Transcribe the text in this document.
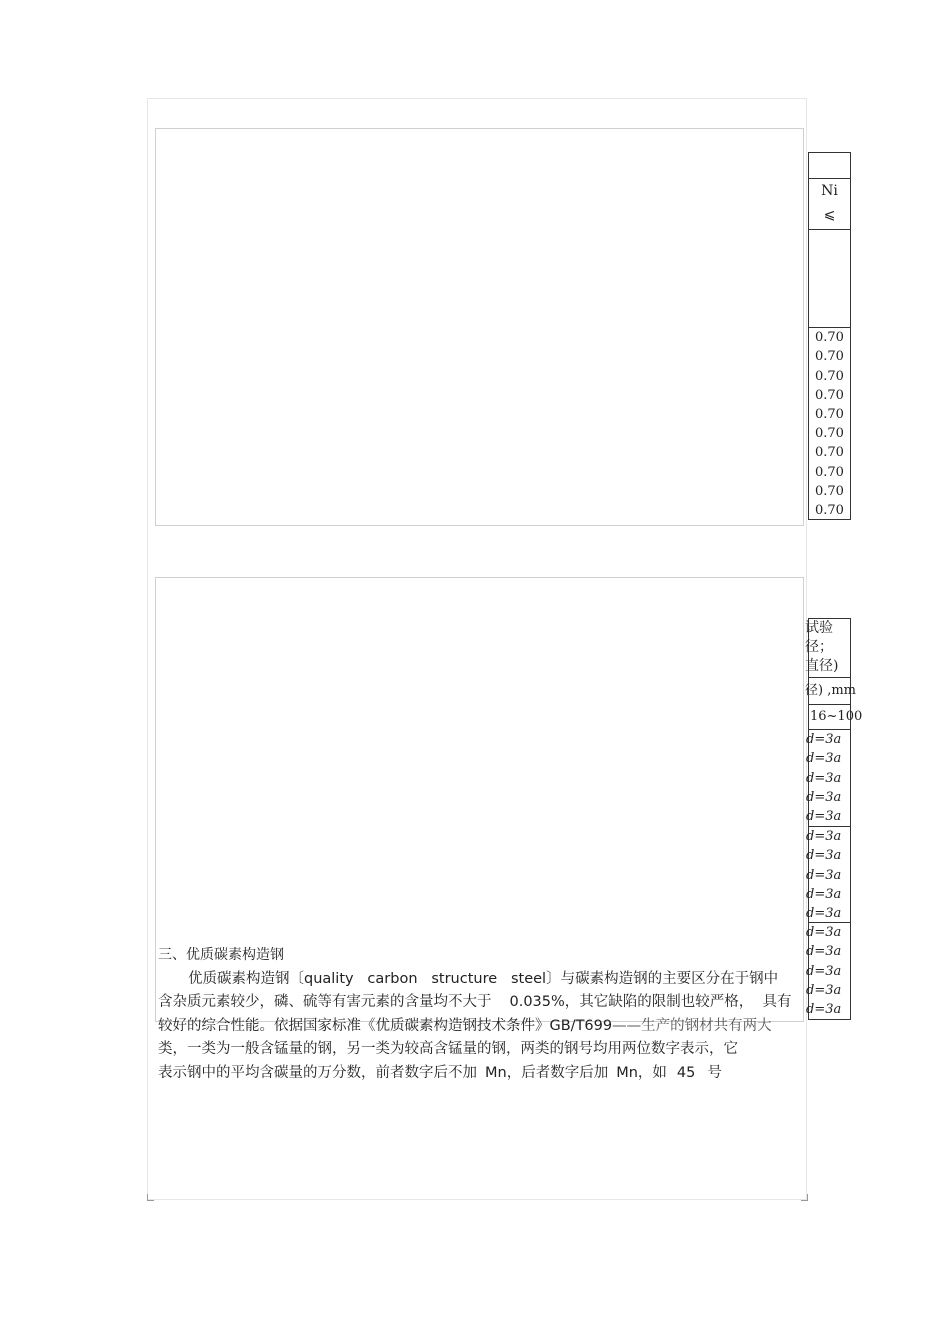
Ni
⩽
0.70
0.70
0.70
0.70
0.70
0.70
0.70
0.70
0.70
0.70
试验
径；
直径)
径) ,mm
16~100
d=3a
d=3a
d=3a
d=3a
d=3a
d=3a
d=3a
d=3a
d=3a
d=3a
d=3a
d=3a
d=3a
d=3a
d=3a

三、优质碳素构造钢

优质碳素构造钢〔quality   carbon   structure   steel〕与碳素构造钢的主要区分在于钢中

含杂质元素较少，磷、硫等有害元素的含量均不大于 0.035%，其它缺陷的限制也较严格，  具有

较好的综合性能。依据国家标准《优质碳素构造钢技术条件》GB/T699——生产的钢材共有两大

类，一类为一般含锰量的钢，另一类为较高含锰量的钢，两类的钢号均用两位数字表示，它

表示钢中的平均含碳量的万分数，前者数字后不加 Mn，后者数字后加 Mn，如 45 号
